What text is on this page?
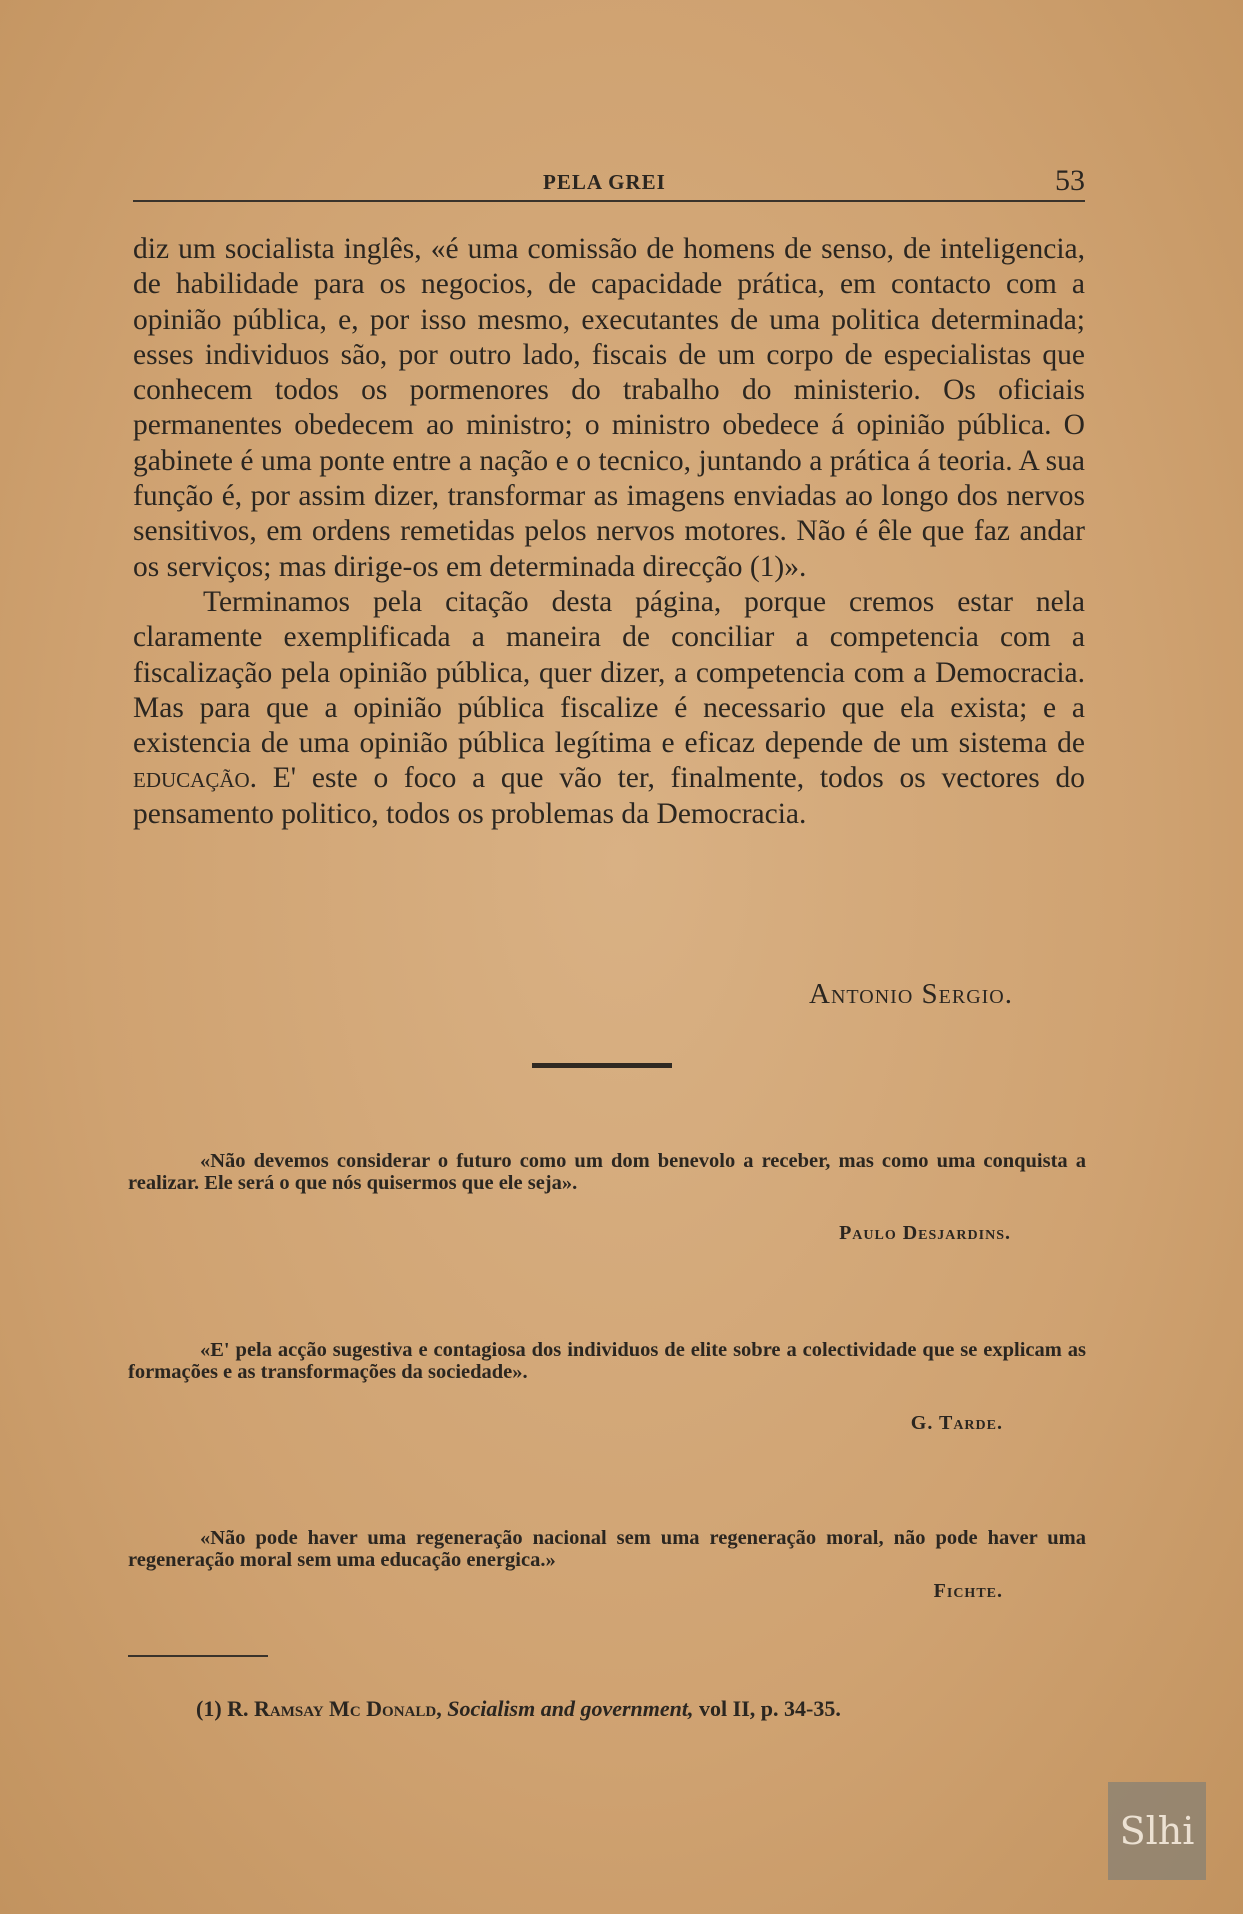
PELA GREI	53

diz um socialista inglês, «é uma comissão de homens de senso, de inteligencia, de habilidade para os negocios, de capacidade prática, em contacto com a opinião pública, e, por isso mesmo, executantes de uma politica determinada; esses individuos são, por outro lado, fiscais de um corpo de especialistas que conhecem todos os pormenores do trabalho do ministerio. Os oficiais permanentes obedecem ao ministro; o ministro obedece á opinião pública. O gabinete é uma ponte entre a nação e o tecnico, juntando a prática á teoria. A sua função é, por assim dizer, transformar as imagens enviadas ao longo dos nervos sensitivos, em ordens remetidas pelos nervos motores. Não é êle que faz andar os serviços; mas dirige-os em determinada direcção (1)».

Terminamos pela citação desta página, porque cremos estar nela claramente exemplificada a maneira de conciliar a competencia com a fiscalização pela opinião pública, quer dizer, a competencia com a Democracia. Mas para que a opinião pública fiscalize é necessario que ela exista; e a existencia de uma opinião pública legítima e eficaz depende de um sistema de educação. E' este o foco a que vão ter, finalmente, todos os vectores do pensamento politico, todos os problemas da Democracia.

Antonio Sergio.

«Não devemos considerar o futuro como um dom benevolo a receber, mas como uma conquista a realizar. Ele será o que nós quisermos que ele seja».

Paulo Desjardins.

«E' pela acção sugestiva e contagiosa dos individuos de elite sobre a colectividade que se explicam as formações e as transformações da sociedade».

G. Tarde.

«Não pode haver uma regeneração nacional sem uma regeneração moral, não pode haver uma regeneração moral sem uma educação energica.»

Fichte.
(1) R. Ramsay Mc Donald, Socialism and government, vol II, p. 34-35.
Slhi
